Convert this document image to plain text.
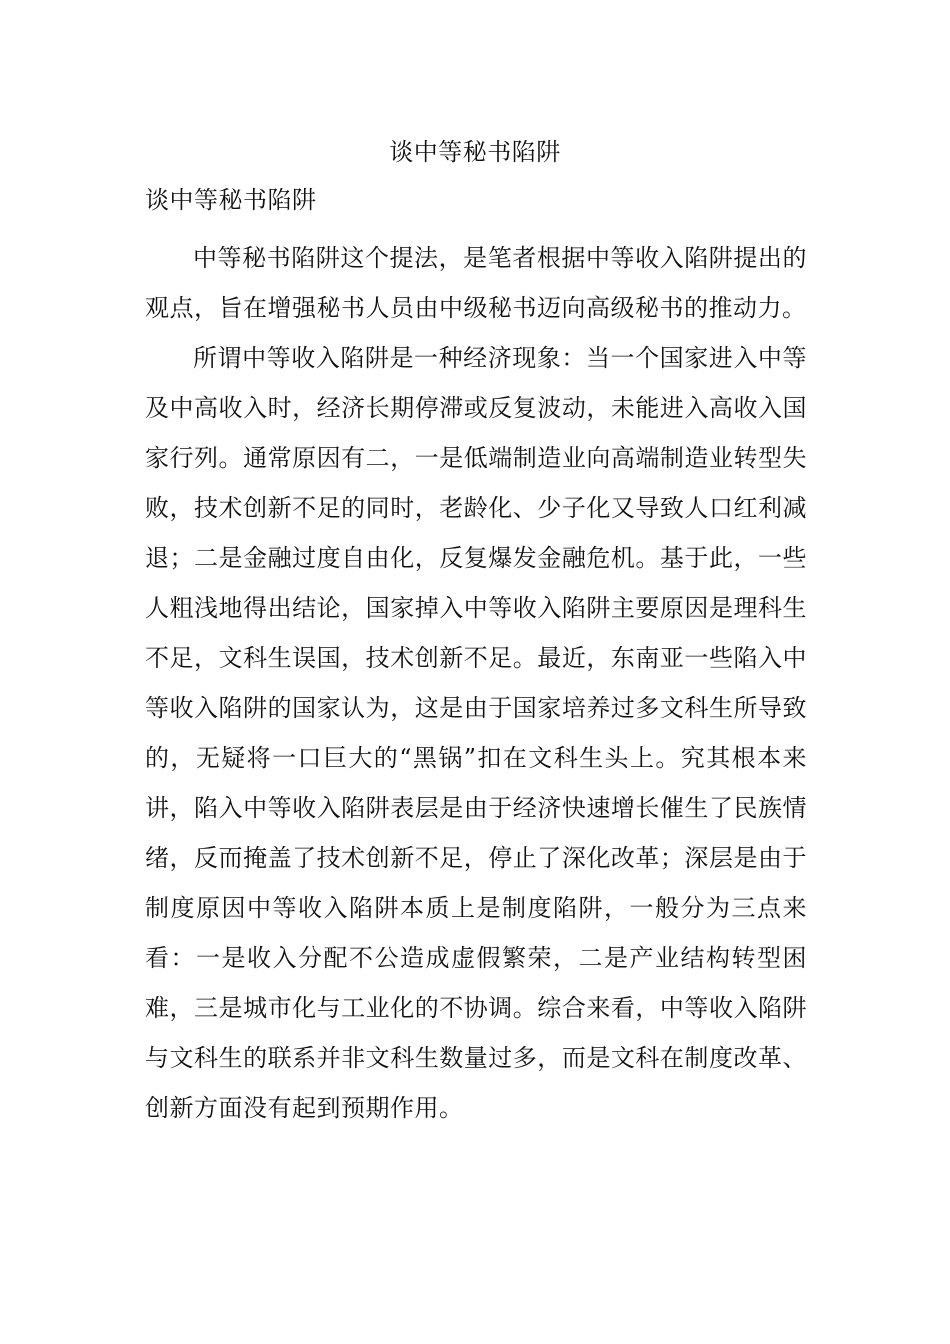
谈中等秘书陷阱
谈中等秘书陷阱

中等秘书陷阱这个提法，是笔者根据中等收入陷阱提出的观点，旨在增强秘书人员由中级秘书迈向高级秘书的推动力。

所谓中等收入陷阱是一种经济现象：当一个国家进入中等及中高收入时，经济长期停滞或反复波动，未能进入高收入国家行列。通常原因有二，一是低端制造业向高端制造业转型失败，技术创新不足的同时，老龄化、少子化又导致人口红利减退；二是金融过度自由化，反复爆发金融危机。基于此，一些人粗浅地得出结论，国家掉入中等收入陷阱主要原因是理科生不足，文科生误国，技术创新不足。最近，东南亚一些陷入中等收入陷阱的国家认为，这是由于国家培养过多文科生所导致的，无疑将一口巨大的“黑锅”扣在文科生头上。究其根本来讲，陷入中等收入陷阱表层是由于经济快速增长催生了民族情绪，反而掩盖了技术创新不足，停止了深化改革；深层是由于制度原因中等收入陷阱本质上是制度陷阱，一般分为三点来看：一是收入分配不公造成虚假繁荣，二是产业结构转型困难，三是城市化与工业化的不协调。综合来看，中等收入陷阱与文科生的联系并非文科生数量过多，而是文科在制度改革、创新方面没有起到预期作用。
